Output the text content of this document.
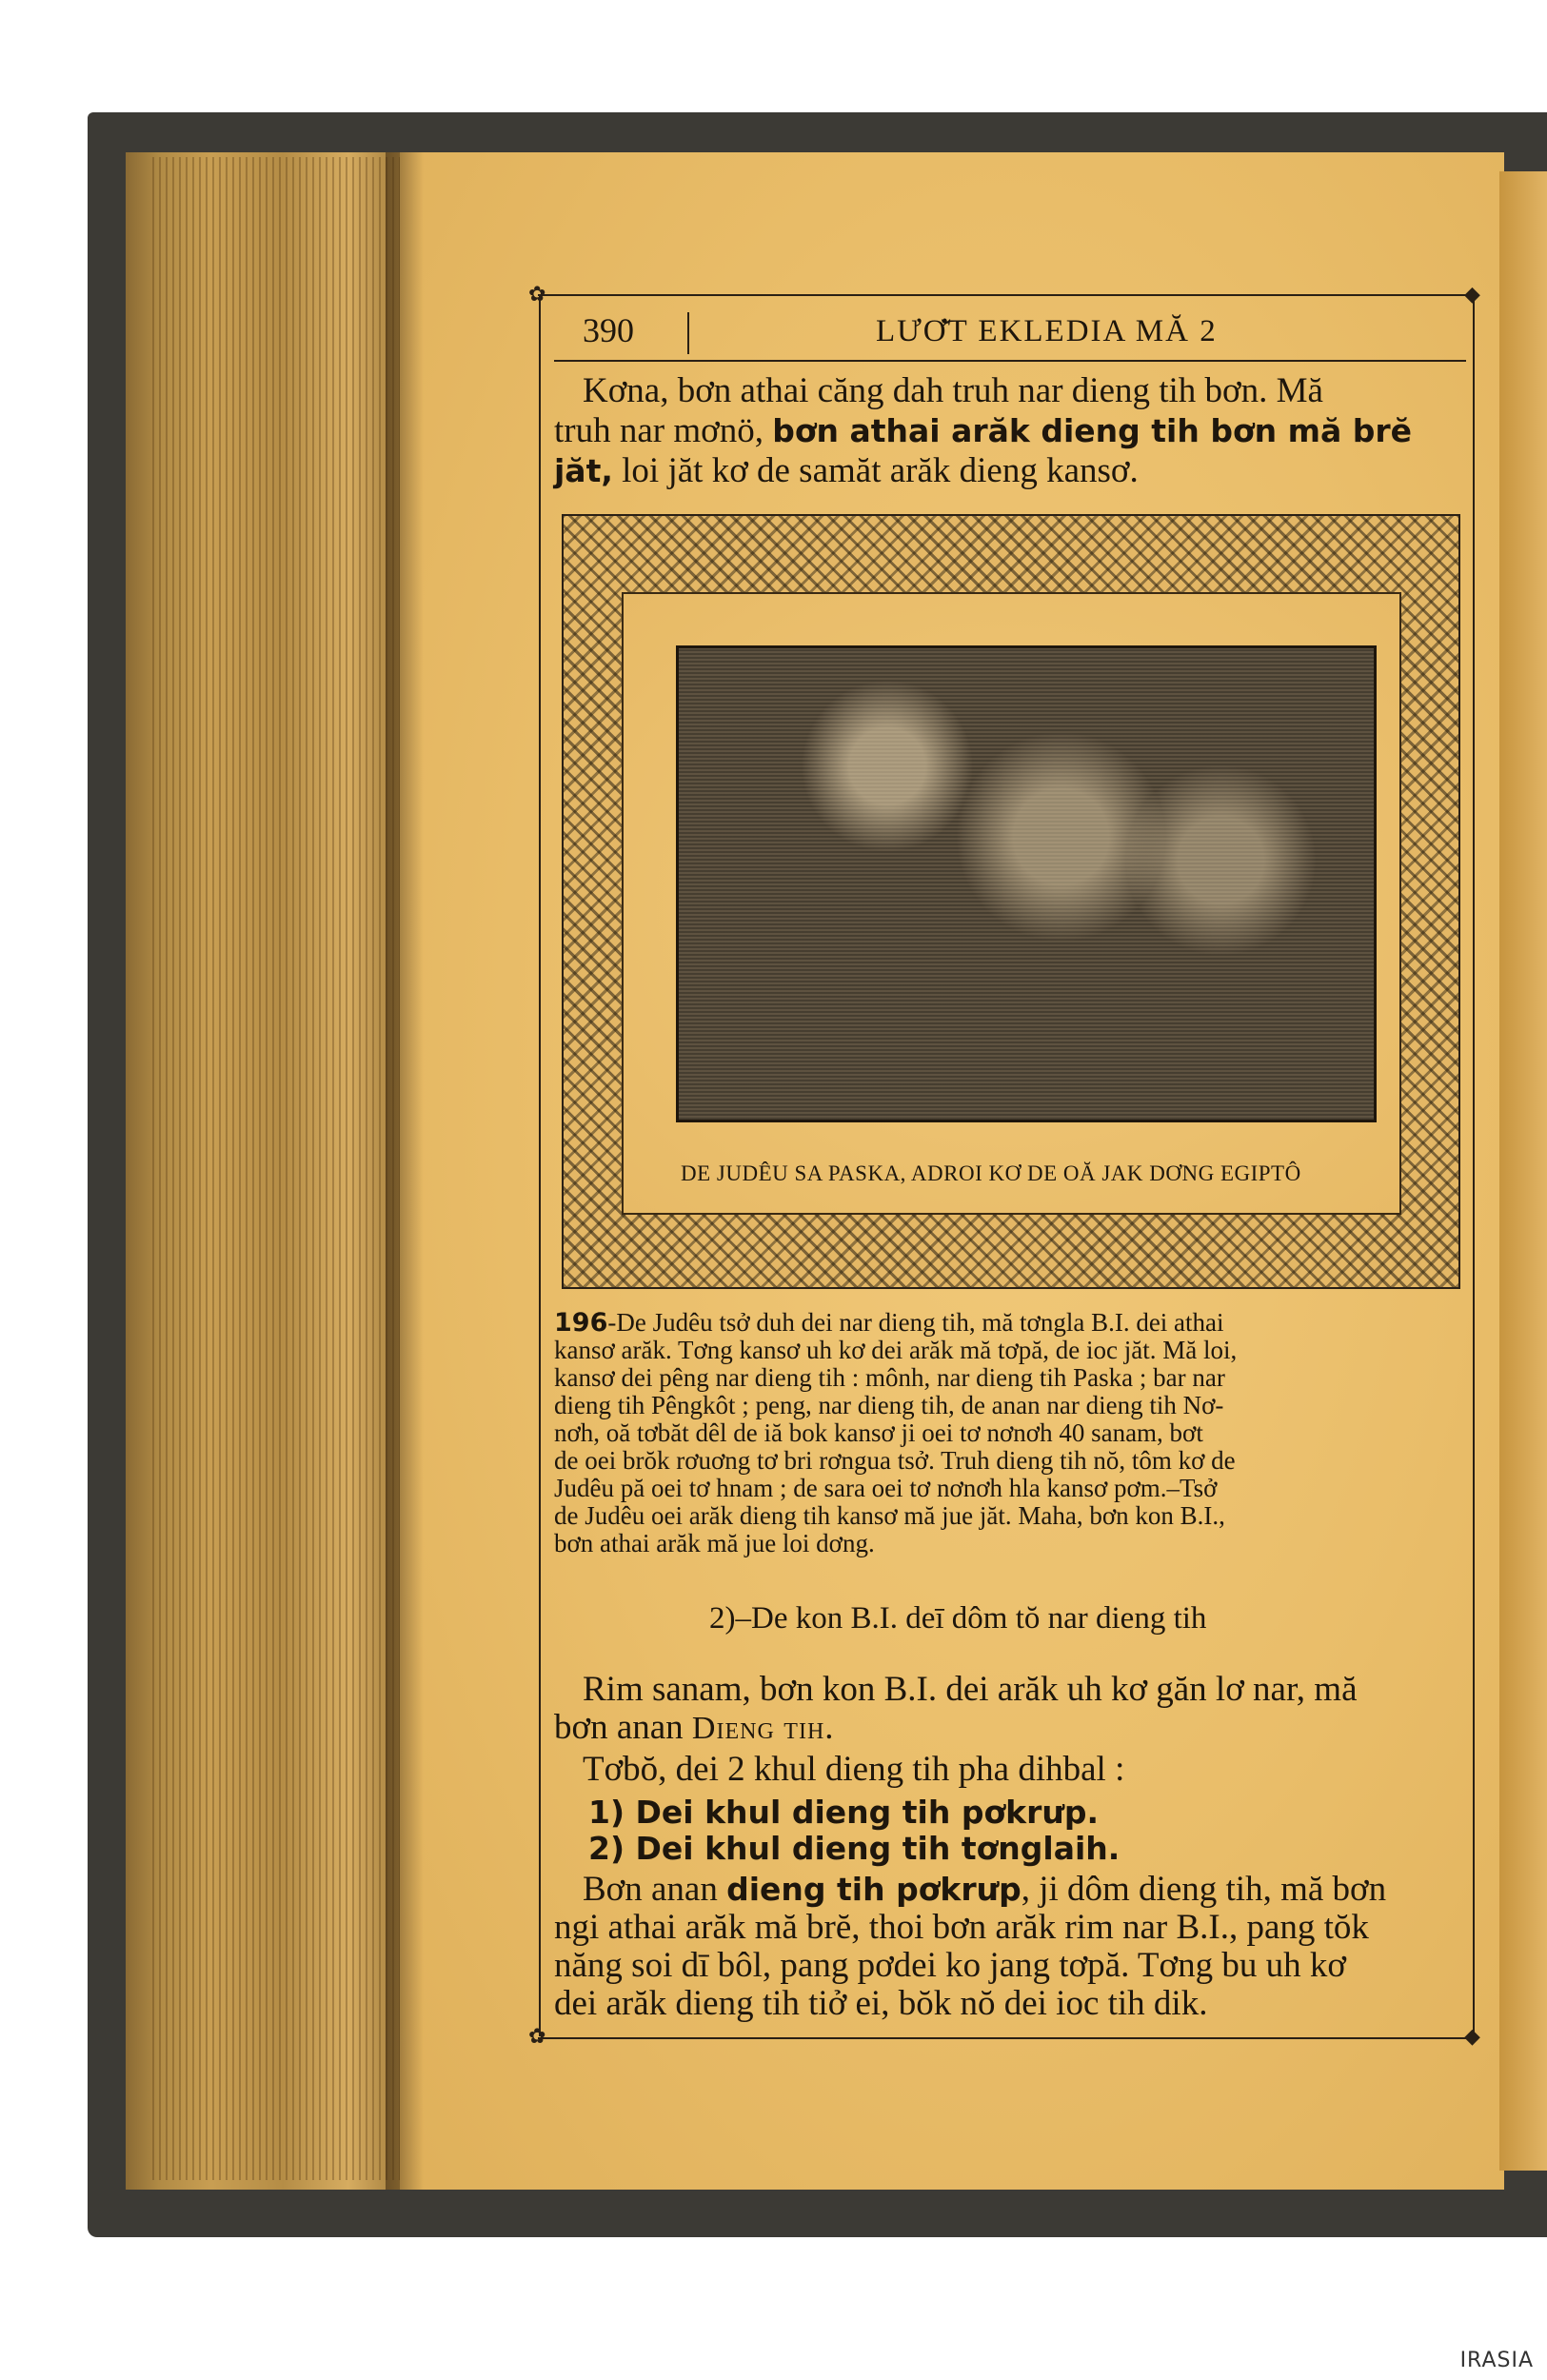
✿	◆
✿	◆
390	LƯƠ̆T EKLEDIA MĂ 2
Kơna, bơn athai căng dah truh nar dieng tih bơn. Mă
truh nar mơnö, bơn athai arăk dieng tih bơn mă brĕ
jăt, loi jăt kơ de samăt arăk dieng kansơ.
DE JUDÊU SA PASKA, ADROI KƠ DE OĂ JAK DƠNG EGIPTÔ
196-De Judêu tsở duh dei nar dieng tih, mă tơngla B.I. dei athai
kansơ arăk. Tơng kansơ uh kơ dei arăk mă tơpă, de ioc jăt. Mă loi,
kansơ dei pêng nar dieng tih : mônh, nar dieng tih Paska ; bar nar
dieng tih Pêngkôt ; peng, nar dieng tih, de anan nar dieng tih Nơ-
nơh, oă tơbăt dêl de iă bok kansơ ji oei tơ nơnơh 40 sanam, bơt
de oei brŏk rơuơng tơ bri rơngua tsở. Truh dieng tih nŏ, tôm kơ de
Judêu pă oei tơ hnam ; de sara oei tơ nơnơh hla kansơ pơm.–Tsở
de Judêu oei arăk dieng tih kansơ mă jue jăt. Maha, bơn kon B.I.,
bơn athai arăk mă jue loi dơng.
2)–De kon B.I. deī dôm tŏ nar dieng tih
Rim sanam, bơn kon B.I. dei arăk uh kơ găn lơ nar, mă
bơn anan Dieng tih.
Tơbŏ, dei 2 khul dieng tih pha dihbal :
1) Dei khul dieng tih pơkrưp.
2) Dei khul dieng tih tơnglaih.
Bơn anan dieng tih pơkrưp, ji dôm dieng tih, mă bơn
ngi athai arăk mă brĕ, thoi bơn arăk rim nar B.I., pang tŏk
năng soi dī bôl, pang pơdei ko jang tơpă. Tơng bu uh kơ
dei arăk dieng tih tiở ei, bŏk nŏ dei ioc tih dik.
IRASIA
